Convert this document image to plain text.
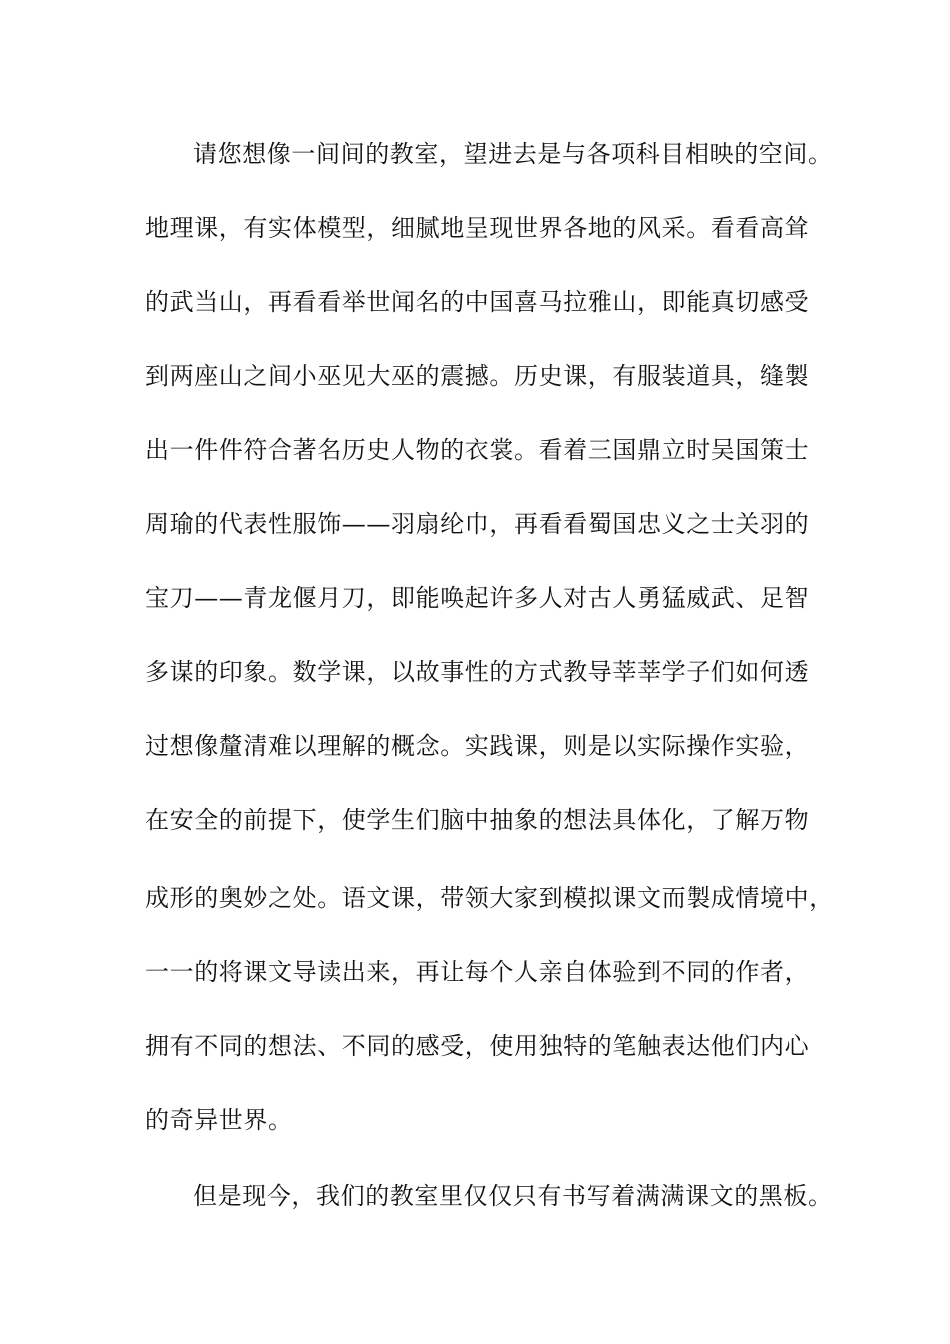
请您想像一间间的教室，望进去是与各项科目相映的空间。
地理课，有实体模型，细腻地呈现世界各地的风采。看看高耸
的武当山，再看看举世闻名的中国喜马拉雅山，即能真切感受
到两座山之间小巫见大巫的震撼。历史课，有服装道具，缝製
出一件件符合著名历史人物的衣裳。看着三国鼎立时吴国策士
周瑜的代表性服饰——羽扇纶巾，再看看蜀国忠义之士关羽的
宝刀——青龙偃月刀，即能唤起许多人对古人勇猛威武、足智
多谋的印象。数学课，以故事性的方式教导莘莘学子们如何透
过想像釐清难以理解的概念。实践课，则是以实际操作实验，
在安全的前提下，使学生们脑中抽象的想法具体化，了解万物
成形的奥妙之处。语文课，带领大家到模拟课文而製成情境中，
一一的将课文导读出来，再让每个人亲自体验到不同的作者，
拥有不同的想法、不同的感受，使用独特的笔触表达他们内心
的奇异世界。
但是现今，我们的教室里仅仅只有书写着满满课文的黑板。
